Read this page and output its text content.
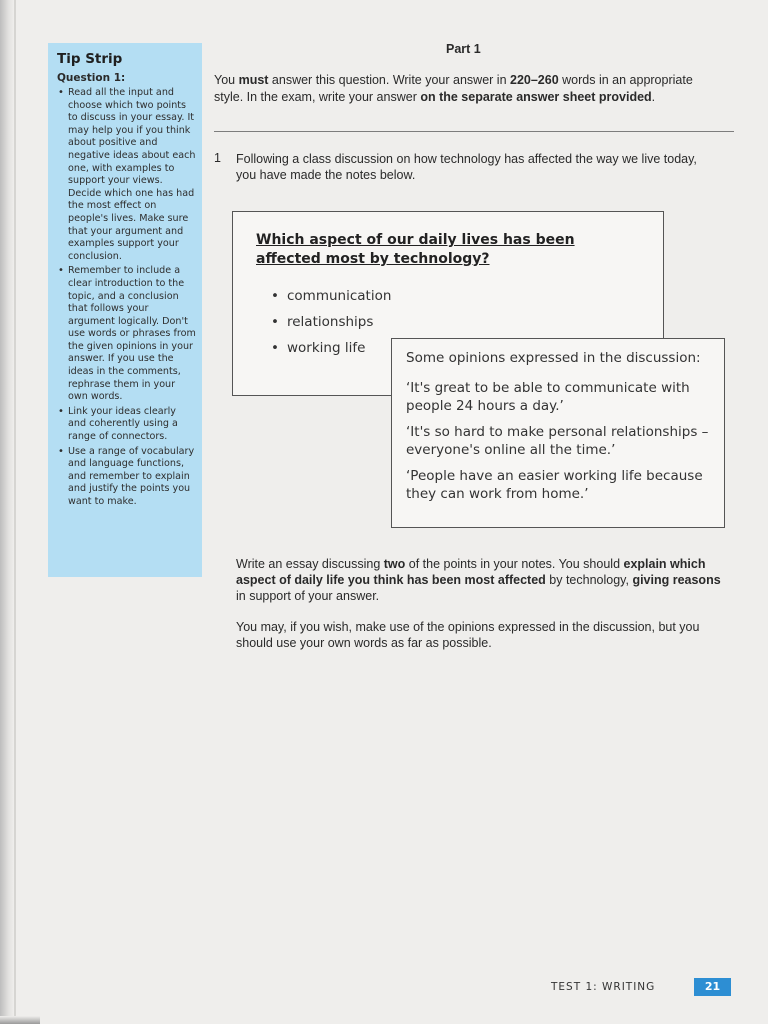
Tip Strip
Question 1:
• Read all the input and choose which two points to discuss in your essay. It may help you if you think about positive and negative ideas about each one, with examples to support your views.
Decide which one has had the most effect on people's lives. Make sure that your argument and examples support your conclusion.
• Remember to include a clear introduction to the topic, and a conclusion that follows your argument logically. Don't use words or phrases from the given opinions in your answer. If you use the ideas in the comments, rephrase them in your own words.
• Link your ideas clearly and coherently using a range of connectors.
• Use a range of vocabulary and language functions, and remember to explain and justify the points you want to make.
Part 1

You must answer this question. Write your answer in 220–260 words in an appropriate style. In the exam, write your answer on the separate answer sheet provided.

1 Following a class discussion on how technology has affected the way we live today, you have made the notes below.

Which aspect of our daily lives has been affected most by technology?
• communication
• relationships
• working life

Some opinions expressed in the discussion:

‘It's great to be able to communicate with people 24 hours a day.’

‘It's so hard to make personal relationships – everyone's online all the time.’

‘People have an easier working life because they can work from home.’

Write an essay discussing two of the points in your notes. You should explain which aspect of daily life you think has been most affected by technology, giving reasons in support of your answer.

You may, if you wish, make use of the opinions expressed in the discussion, but you should use your own words as far as possible.

TEST 1: WRITING	21
